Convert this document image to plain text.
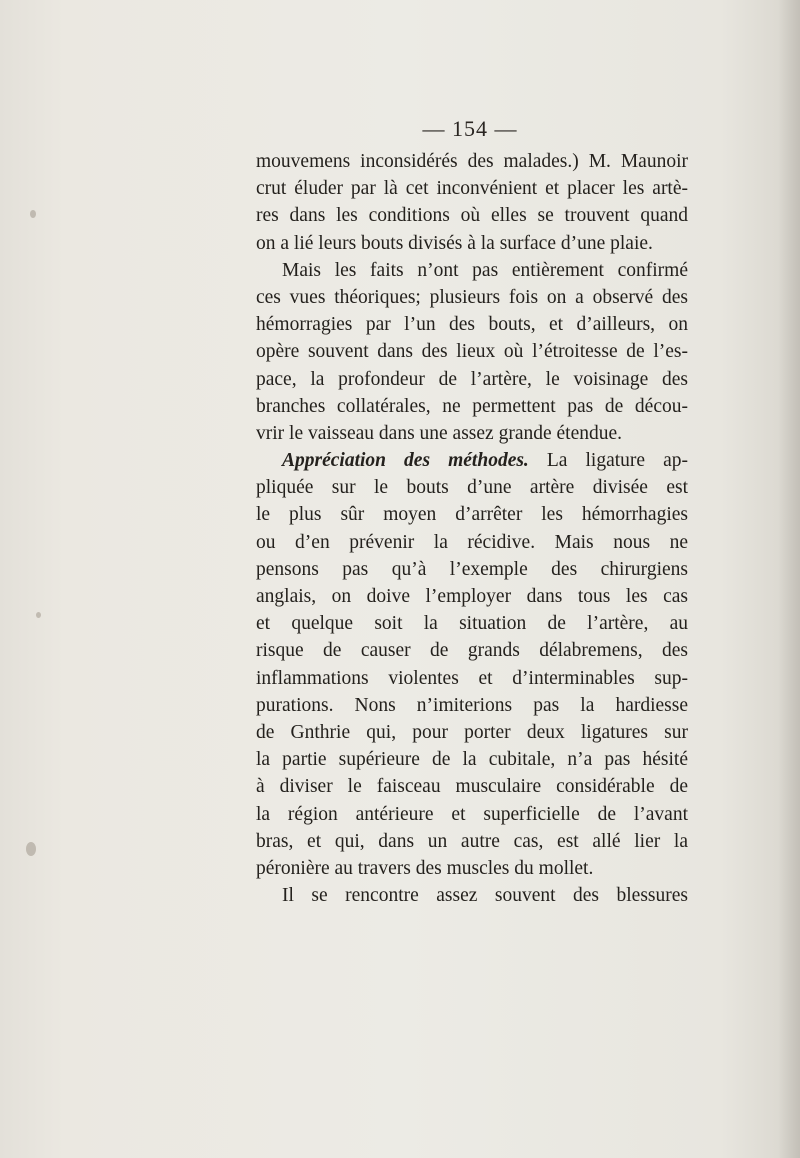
— 154 —
mouvemens inconsidérés des malades.) M. Maunoir
crut éluder par là cet inconvénient et placer les artè-
res dans les conditions où elles se trouvent quand
on a lié leurs bouts divisés à la surface d’une plaie.
Mais les faits n’ont pas entièrement confirmé
ces vues théoriques; plusieurs fois on a observé des
hémorragies par l’un des bouts, et d’ailleurs, on
opère souvent dans des lieux où l’étroitesse de l’es-
pace, la profondeur de l’artère, le voisinage des
branches collatérales, ne permettent pas de décou-
vrir le vaisseau dans une assez grande étendue.
Appréciation des méthodes. La ligature ap-
pliquée sur le bouts d’une artère divisée est
le plus sûr moyen d’arrêter les hémorrhagies
ou d’en prévenir la récidive. Mais nous ne
pensons pas qu’à l’exemple des chirurgiens
anglais, on doive l’employer dans tous les cas
et quelque soit la situation de l’artère, au
risque de causer de grands délabremens, des
inflammations violentes et d’interminables sup-
purations. Nons n’imiterions pas la hardiesse
de Gnthrie qui, pour porter deux ligatures sur
la partie supérieure de la cubitale, n’a pas hésité
à diviser le faisceau musculaire considérable de
la région antérieure et superficielle de l’avant
bras, et qui, dans un autre cas, est allé lier la
péronière au travers des muscles du mollet.
Il se rencontre assez souvent des blessures
